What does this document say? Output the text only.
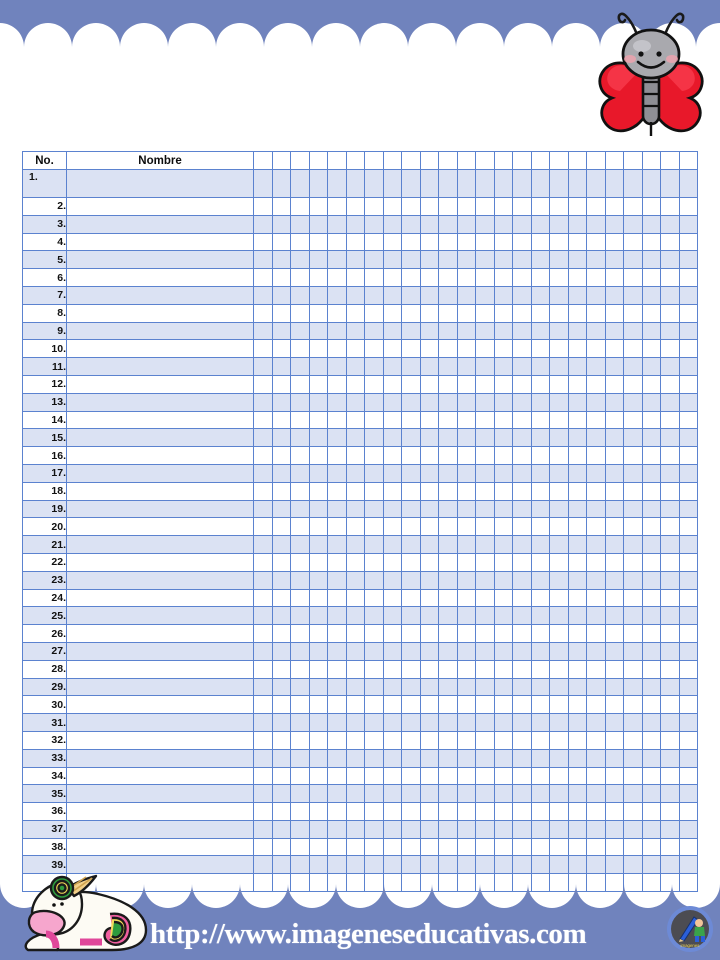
No.	Nombre																								
1.																									
2.																									
3.																									
4.																									
5.																									
6.																									
7.																									
8.																									
9.																									
10.																									
11.																									
12.																									
13.																									
14.																									
15.																									
16.																									
17.																									
18.																									
19.																									
20.																									
21.																									
22.																									
23.																									
24.																									
25.																									
26.																									
27.																									
28.																									
29.																									
30.																									
31.																									
32.																									
33.																									
34.																									
35.																									
36.																									
37.																									
38.																									
39.																									

http://www.imageneseducativas.com	imagenes
